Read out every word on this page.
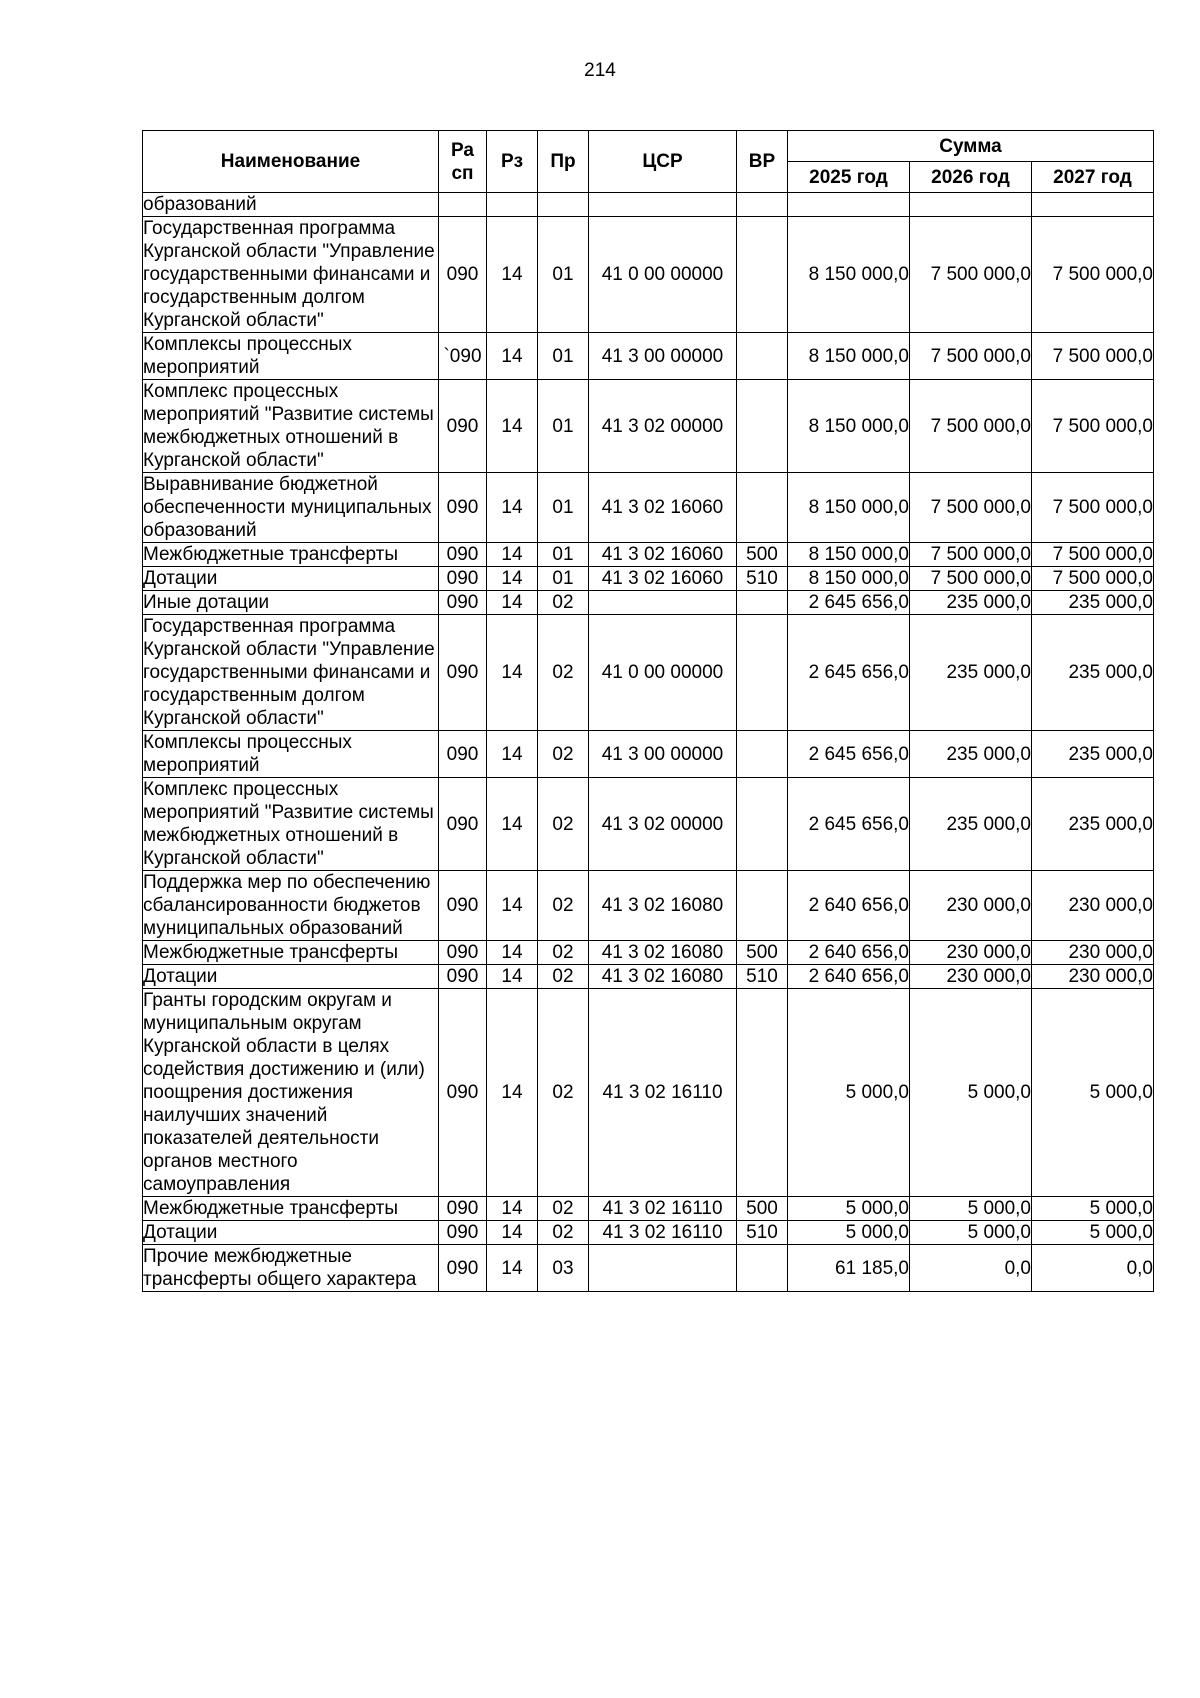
214
Наименование	Ра сп	Рз	Пр	ЦСР	ВР	Сумма		
						2025 год	2026 год	2027 год
образований								
Государственная программа Курганской области "Управление государственными финансами и государственным долгом Курганской области"	090	14	01	41 0 00 00000		8 150 000,0	7 500 000,0	7 500 000,0
Комплексы процессных мероприятий	`090	14	01	41 3 00 00000		8 150 000,0	7 500 000,0	7 500 000,0
Комплекс процессных мероприятий "Развитие системы межбюджетных отношений в Курганской области"	090	14	01	41 3 02 00000		8 150 000,0	7 500 000,0	7 500 000,0
Выравнивание бюджетной обеспеченности муниципальных образований	090	14	01	41 3 02 16060		8 150 000,0	7 500 000,0	7 500 000,0
Межбюджетные трансферты	090	14	01	41 3 02 16060	500	8 150 000,0	7 500 000,0	7 500 000,0
Дотации	090	14	01	41 3 02 16060	510	8 150 000,0	7 500 000,0	7 500 000,0
Иные дотации	090	14	02			2 645 656,0	235 000,0	235 000,0
Государственная программа Курганской области "Управление государственными финансами и государственным долгом Курганской области"	090	14	02	41 0 00 00000		2 645 656,0	235 000,0	235 000,0
Комплексы процессных мероприятий	090	14	02	41 3 00 00000		2 645 656,0	235 000,0	235 000,0
Комплекс процессных мероприятий "Развитие системы межбюджетных отношений в Курганской области"	090	14	02	41 3 02 00000		2 645 656,0	235 000,0	235 000,0
Поддержка мер по обеспечению сбалансированности бюджетов муниципальных образований	090	14	02	41 3 02 16080		2 640 656,0	230 000,0	230 000,0
Межбюджетные трансферты	090	14	02	41 3 02 16080	500	2 640 656,0	230 000,0	230 000,0
Дотации	090	14	02	41 3 02 16080	510	2 640 656,0	230 000,0	230 000,0
Гранты городским округам и муниципальным округам Курганской области в целях содействия достижению и (или) поощрения достижения наилучших значений показателей деятельности органов местного самоуправления	090	14	02	41 3 02 16110		5 000,0	5 000,0	5 000,0
Межбюджетные трансферты	090	14	02	41 3 02 16110	500	5 000,0	5 000,0	5 000,0
Дотации	090	14	02	41 3 02 16110	510	5 000,0	5 000,0	5 000,0
Прочие межбюджетные трансферты общего характера	090	14	03			61 185,0	0,0	0,0
